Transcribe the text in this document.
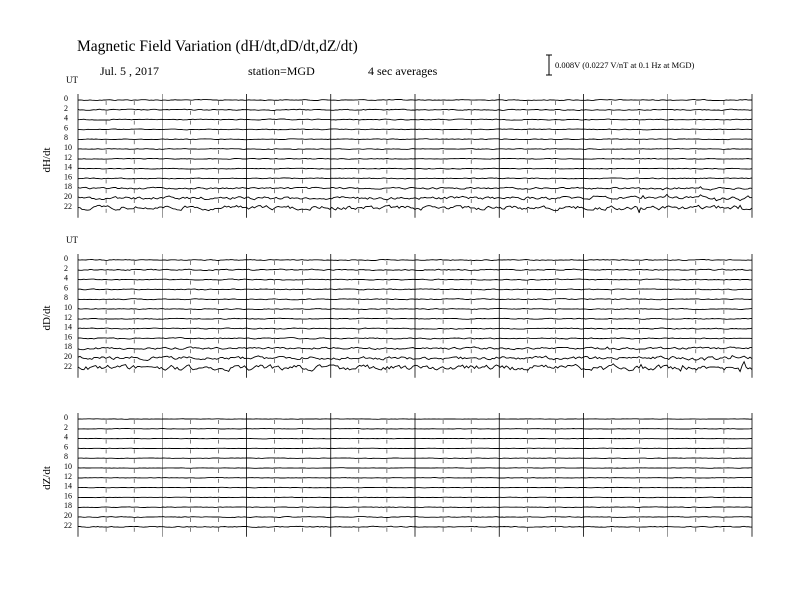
Magnetic Field Variation (dH/dt,dD/dt,dZ/dt)
Jul. 5 , 2017	station=MGD	4 sec averages	0.008V (0.0227 V/nT at 0.1 Hz at MGD)
UT
dH/dt
0
2
4
6
8
10
12
14
16
18
20
22
UT
dD/dt
0
2
4
6
8
10
12
14
16
18
20
22
dZ/dt
0
2
4
6
8
10
12
14
16
18
20
22
